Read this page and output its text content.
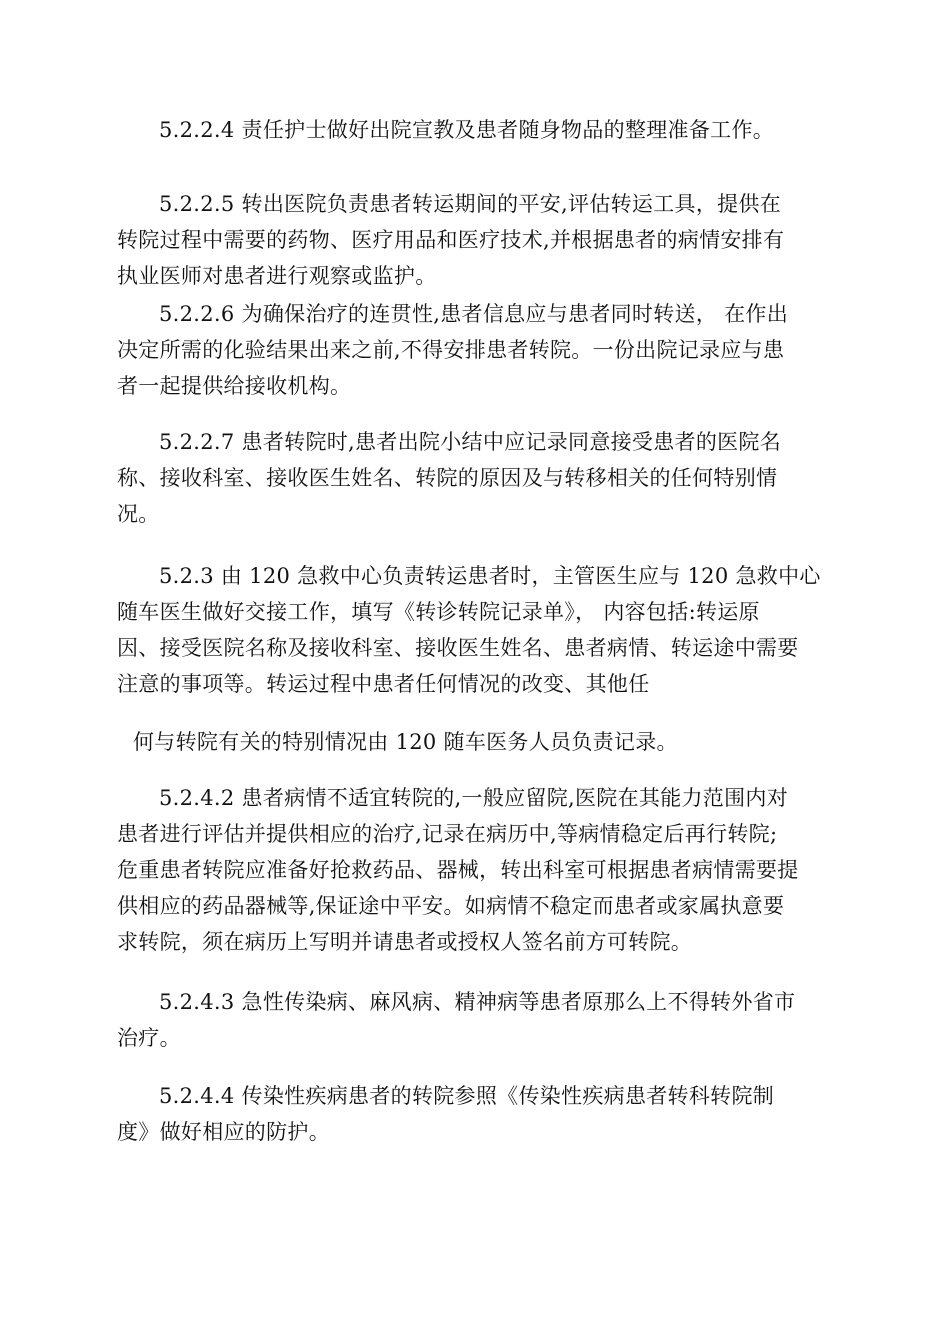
5.2.2.4 责任护士做好出院宣教及患者随身物品的整理准备工作。

5.2.2.5 转出医院负责患者转运期间的平安,评估转运工具，提供在
转院过程中需要的药物、医疗用品和医疗技术,并根据患者的病情安排有
执业医师对患者进行观察或监护。

5.2.2.6 为确保治疗的连贯性,患者信息应与患者同时转送， 在作出
决定所需的化验结果出来之前,不得安排患者转院。一份出院记录应与患
者一起提供给接收机构。

5.2.2.7 患者转院时,患者出院小结中应记录同意接受患者的医院名
称、接收科室、接收医生姓名、转院的原因及与转移相关的任何特别情
况。

5.2.3 由 120 急救中心负责转运患者时，主管医生应与 120 急救中心
随车医生做好交接工作，填写《转诊转院记录单》， 内容包括:转运原
因、接受医院名称及接收科室、接收医生姓名、患者病情、转运途中需要
注意的事项等。转运过程中患者任何情况的改变、其他任

何与转院有关的特别情况由 120 随车医务人员负责记录。

5.2.4.2 患者病情不适宜转院的,一般应留院,医院在其能力范围内对
患者进行评估并提供相应的治疗,记录在病历中,等病情稳定后再行转院;
危重患者转院应准备好抢救药品、器械，转出科室可根据患者病情需要提
供相应的药品器械等,保证途中平安。如病情不稳定而患者或家属执意要
求转院，须在病历上写明并请患者或授权人签名前方可转院。

5.2.4.3 急性传染病、麻风病、精神病等患者原那么上不得转外省市
治疗。

5.2.4.4 传染性疾病患者的转院参照《传染性疾病患者转科转院制
度》做好相应的防护。
